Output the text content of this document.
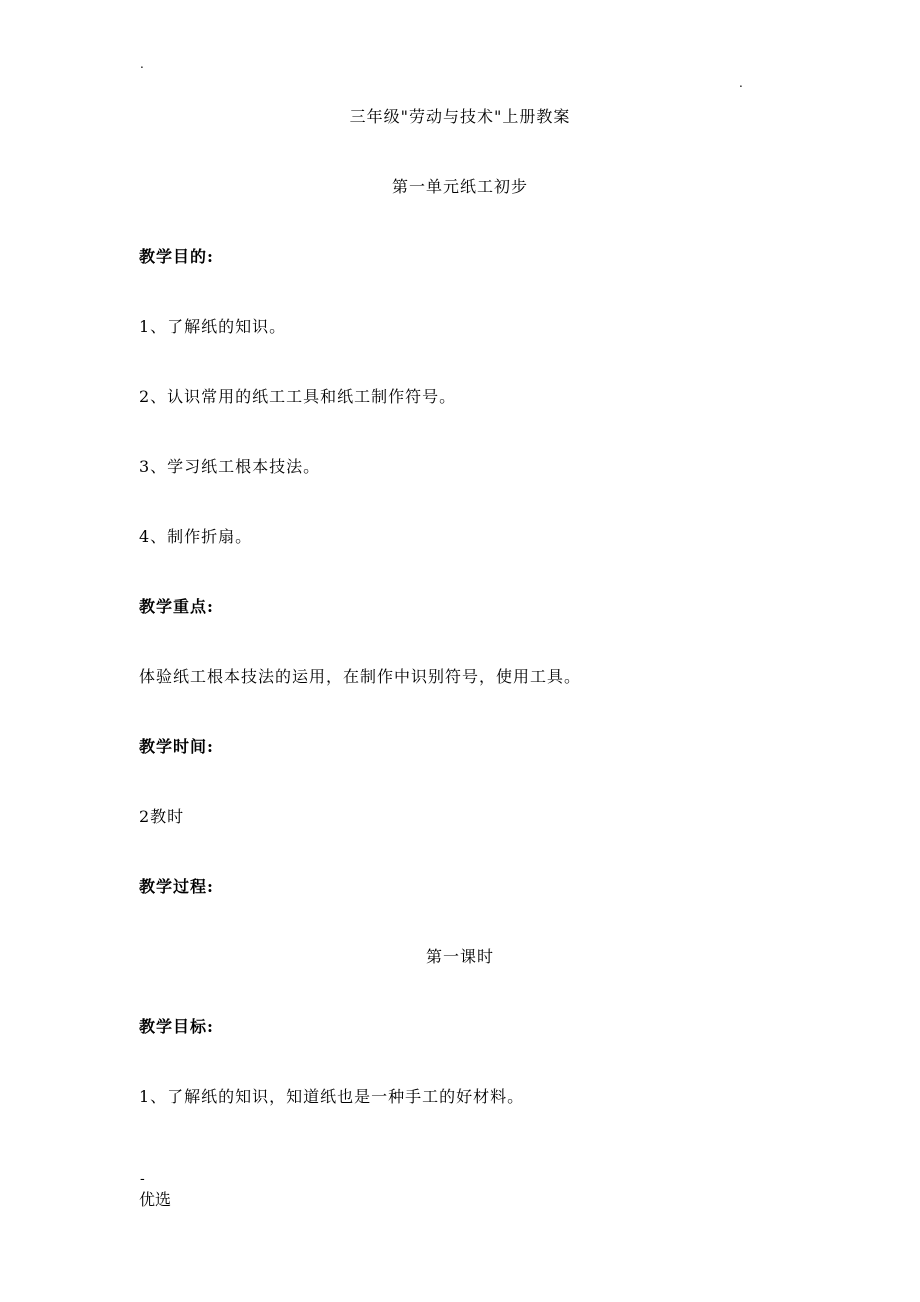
.
.
三年级"劳动与技术"上册教案
第一单元纸工初步
教学目的:
1、了解纸的知识。
2、认识常用的纸工工具和纸工制作符号。
3、学习纸工根本技法。
4、制作折扇。
教学重点:
体验纸工根本技法的运用，在制作中识别符号，使用工具。
教学时间:
2教时
教学过程:
第一课时
教学目标:
1、了解纸的知识，知道纸也是一种手工的好材料。
-
优选
